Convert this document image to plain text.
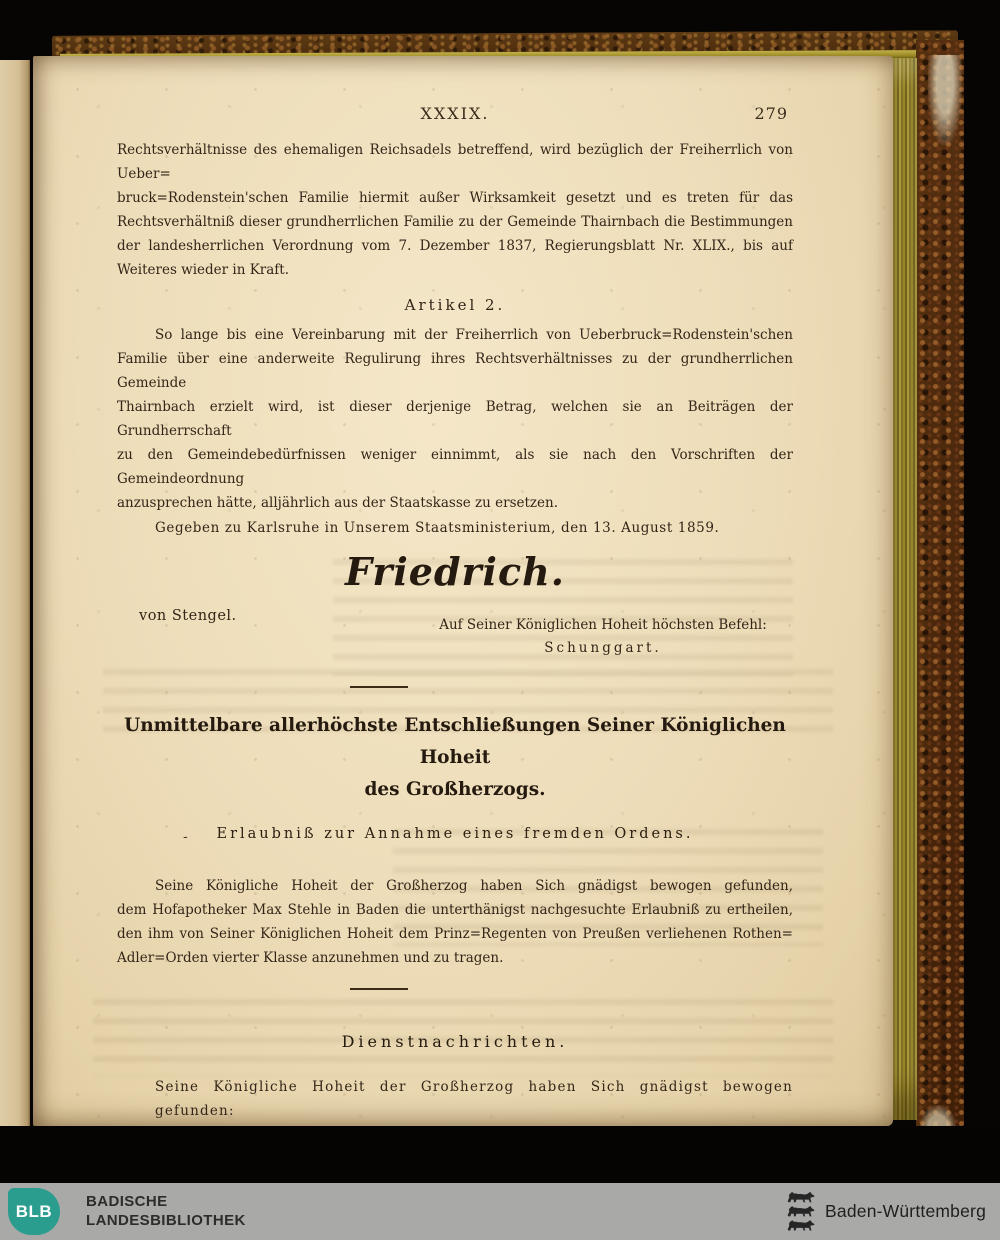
XXXIX.	279
Rechtsverhältnisse des ehemaligen Reichsadels betreffend, wird bezüglich der Freiherrlich von Ueber=
bruck=Rodenstein'schen Familie hiermit außer Wirksamkeit gesetzt und es treten für das
Rechtsverhältniß dieser grundherrlichen Familie zu der Gemeinde Thairnbach die Bestimmungen
der landesherrlichen Verordnung vom 7. Dezember 1837, Regierungsblatt Nr. XLIX., bis auf
Weiteres wieder in Kraft.
Artikel 2.
So lange bis eine Vereinbarung mit der Freiherrlich von Ueberbruck=Rodenstein'schen
Familie über eine anderweite Regulirung ihres Rechtsverhältnisses zu der grundherrlichen Gemeinde
Thairnbach erzielt wird, ist dieser derjenige Betrag, welchen sie an Beiträgen der Grundherrschaft
zu den Gemeindebedürfnissen weniger einnimmt, als sie nach den Vorschriften der Gemeindeordnung
anzusprechen hätte, alljährlich aus der Staatskasse zu ersetzen.
Gegeben zu Karlsruhe in Unserem Staatsministerium, den 13. August 1859.
Friedrich.
von Stengel.
Auf Seiner Königlichen Hoheit höchsten Befehl:
Schunggart.
Unmittelbare allerhöchste Entschließungen Seiner Königlichen Hoheit
des Großherzogs.
-	Erlaubniß zur Annahme eines fremden Ordens.
Seine Königliche Hoheit der Großherzog haben Sich gnädigst bewogen gefunden,
dem Hofapotheker Max Stehle in Baden die unterthänigst nachgesuchte Erlaubniß zu ertheilen,
den ihm von Seiner Königlichen Hoheit dem Prinz=Regenten von Preußen verliehenen Rothen=
Adler=Orden vierter Klasse anzunehmen und zu tragen.
Dienstnachrichten.
Seine Königliche Hoheit der Großherzog haben Sich gnädigst bewogen gefunden:
BLB BADISCHE
LANDESBIBLIOTHEK	Baden-Württemberg
